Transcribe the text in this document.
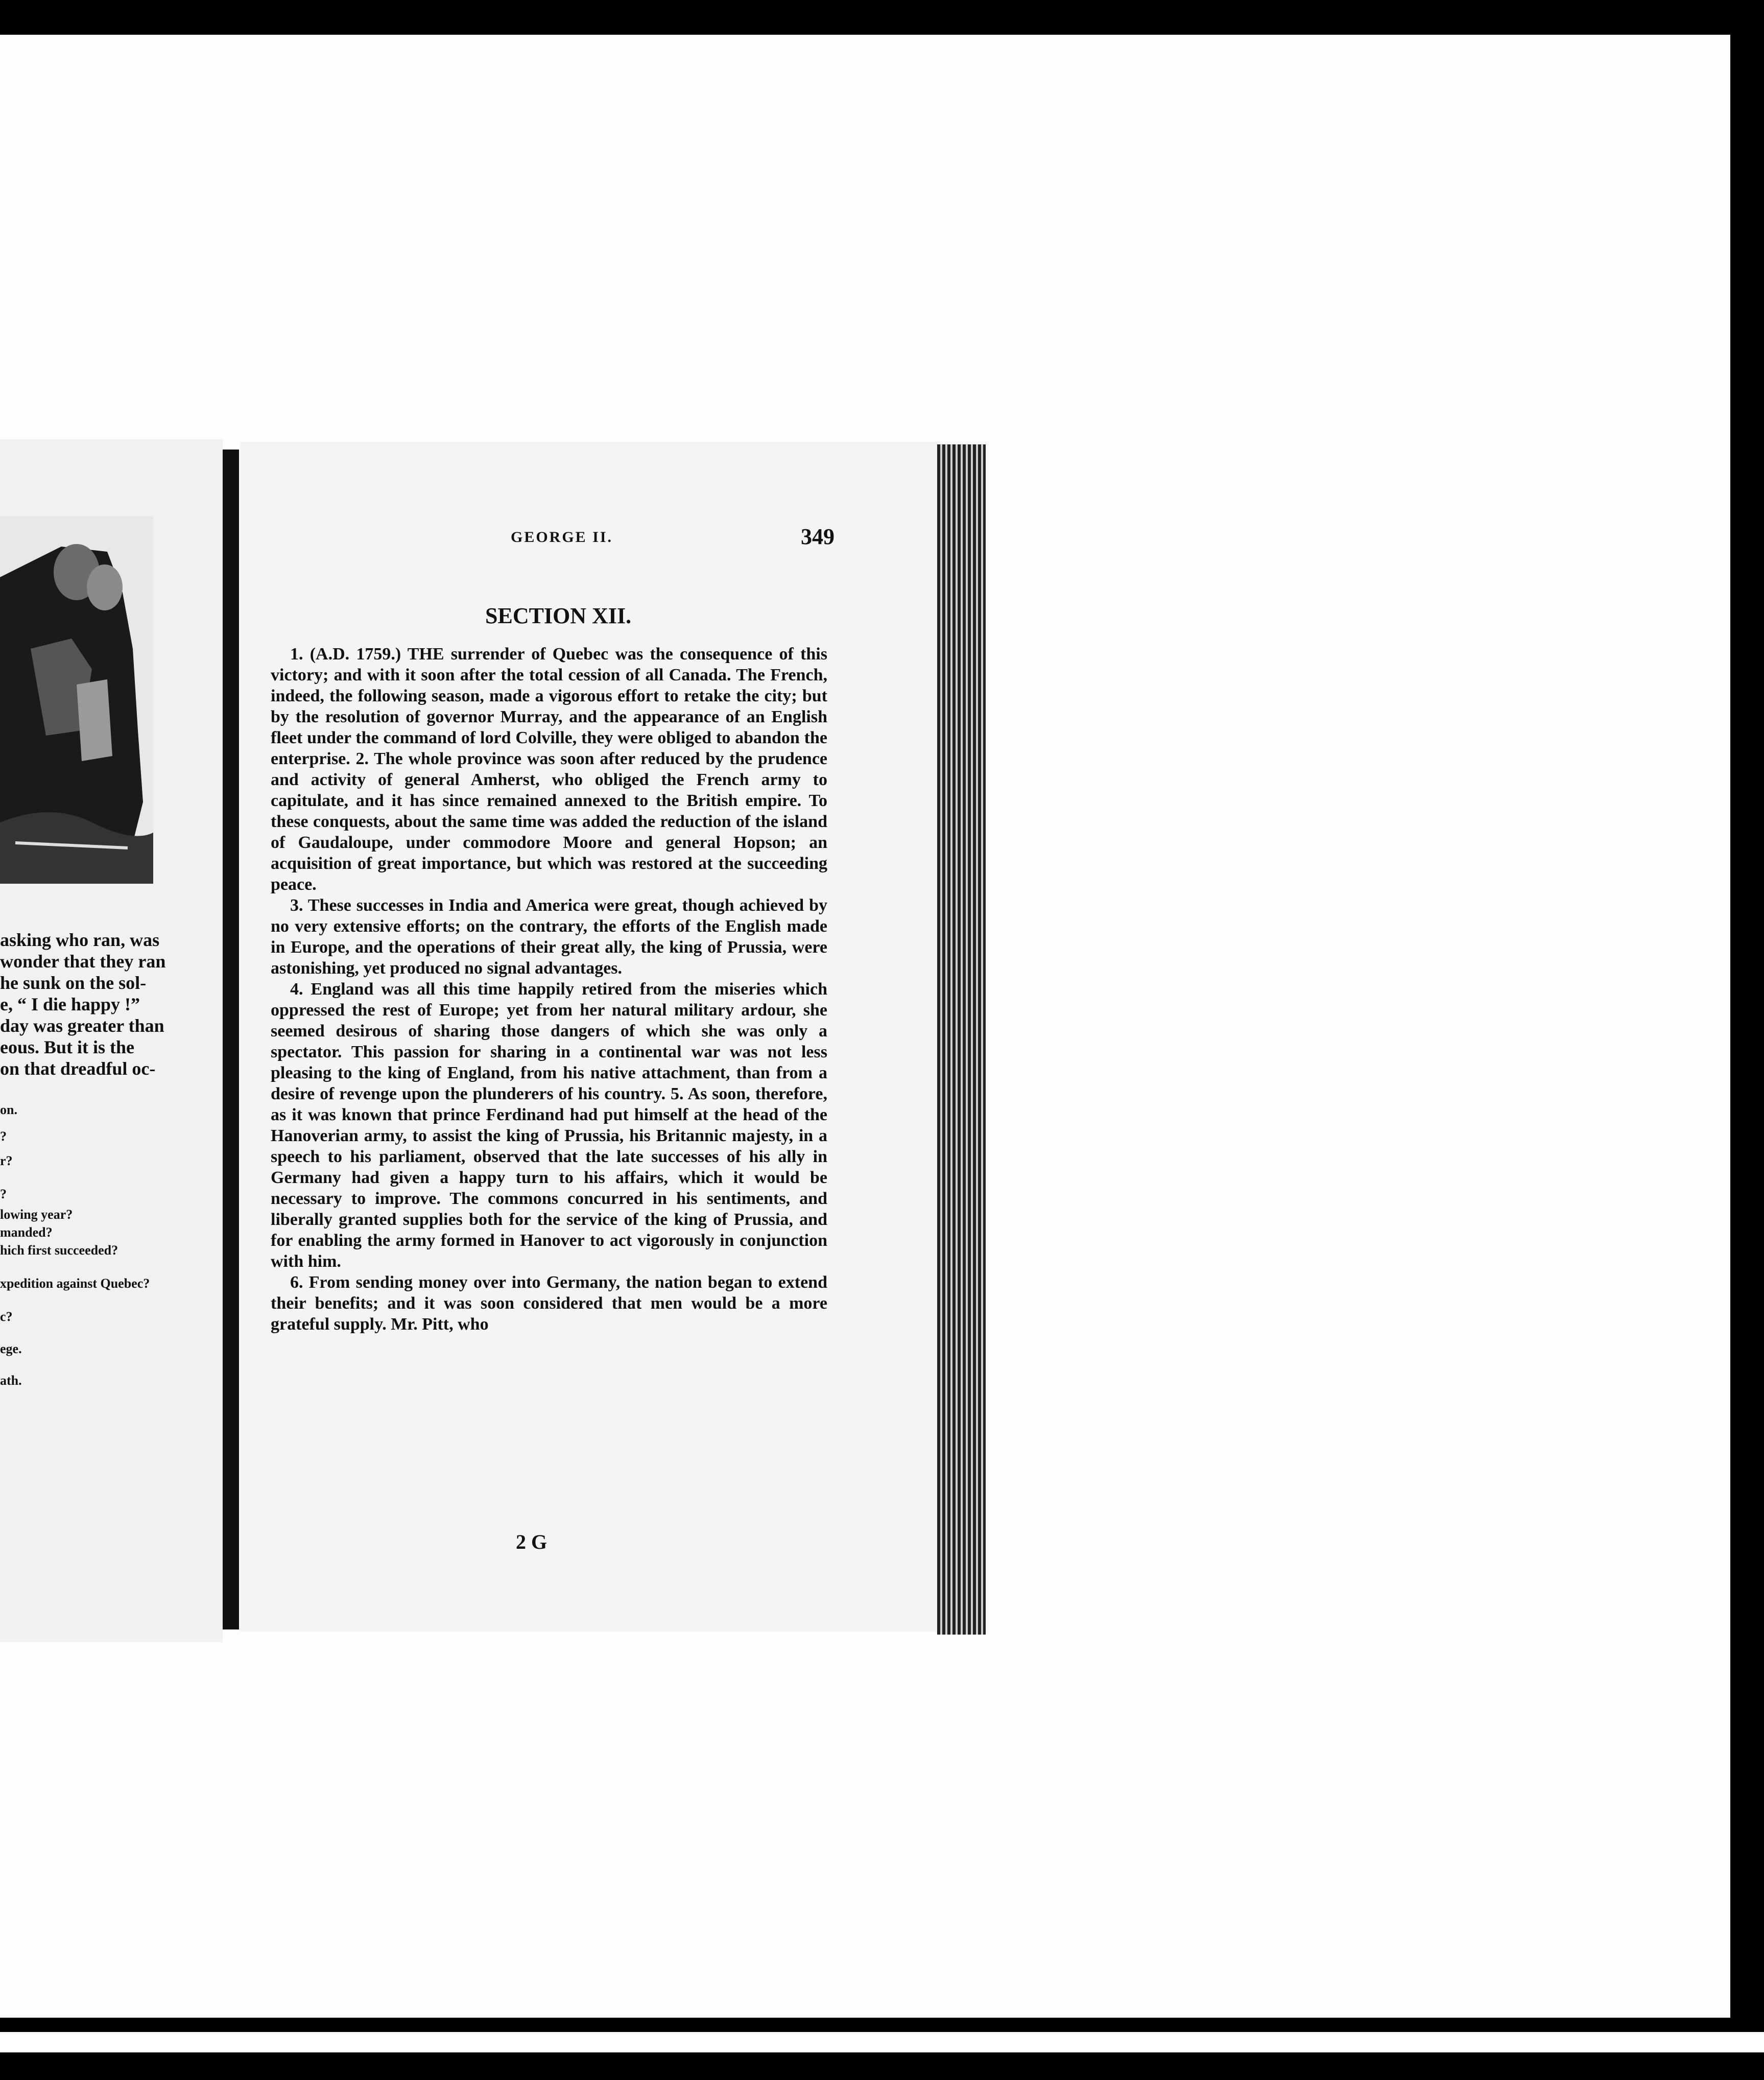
asking who ran, was
wonder that they ran
he sunk on the sol-
e, “ I die happy !”
day was greater than
eous. But it is the
on that dreadful oc-
on.
?
r?
?
lowing year?
manded?
hich first succeeded?
xpedition against Quebec?
c?
ege.
ath.
GEORGE II.	349
SECTION XII.

1. (A.D. 1759.) THE surrender of Quebec was the consequence of this victory; and with it soon after the total cession of all Canada. The French, indeed, the following season, made a vigorous effort to retake the city; but by the resolution of governor Murray, and the appearance of an English fleet under the command of lord Colville, they were obliged to abandon the enterprise. 2. The whole province was soon after reduced by the prudence and activity of general Amherst, who obliged the French army to capitulate, and it has since remained annexed to the British empire. To these conquests, about the same time was added the reduction of the island of Gaudaloupe, under commodore Moore and general Hopson; an acquisition of great importance, but which was restored at the succeeding peace.

3. These successes in India and America were great, though achieved by no very extensive efforts; on the contrary, the efforts of the English made in Europe, and the operations of their great ally, the king of Prussia, were astonishing, yet produced no signal advantages.

4. England was all this time happily retired from the miseries which oppressed the rest of Europe; yet from her natural military ardour, she seemed desirous of sharing those dangers of which she was only a spectator. This passion for sharing in a continental war was not less pleasing to the king of England, from his native attachment, than from a desire of revenge upon the plunderers of his country. 5. As soon, therefore, as it was known that prince Ferdinand had put himself at the head of the Hanoverian army, to assist the king of Prussia, his Britannic majesty, in a speech to his parliament, observed that the late successes of his ally in Germany had given a happy turn to his affairs, which it would be necessary to improve. The commons concurred in his sentiments, and liberally granted supplies both for the service of the king of Prussia, and for enabling the army formed in Hanover to act vigorously in conjunction with him.

6. From sending money over into Germany, the nation began to extend their benefits; and it was soon considered that men would be a more grateful supply. Mr. Pitt, who

2 G
